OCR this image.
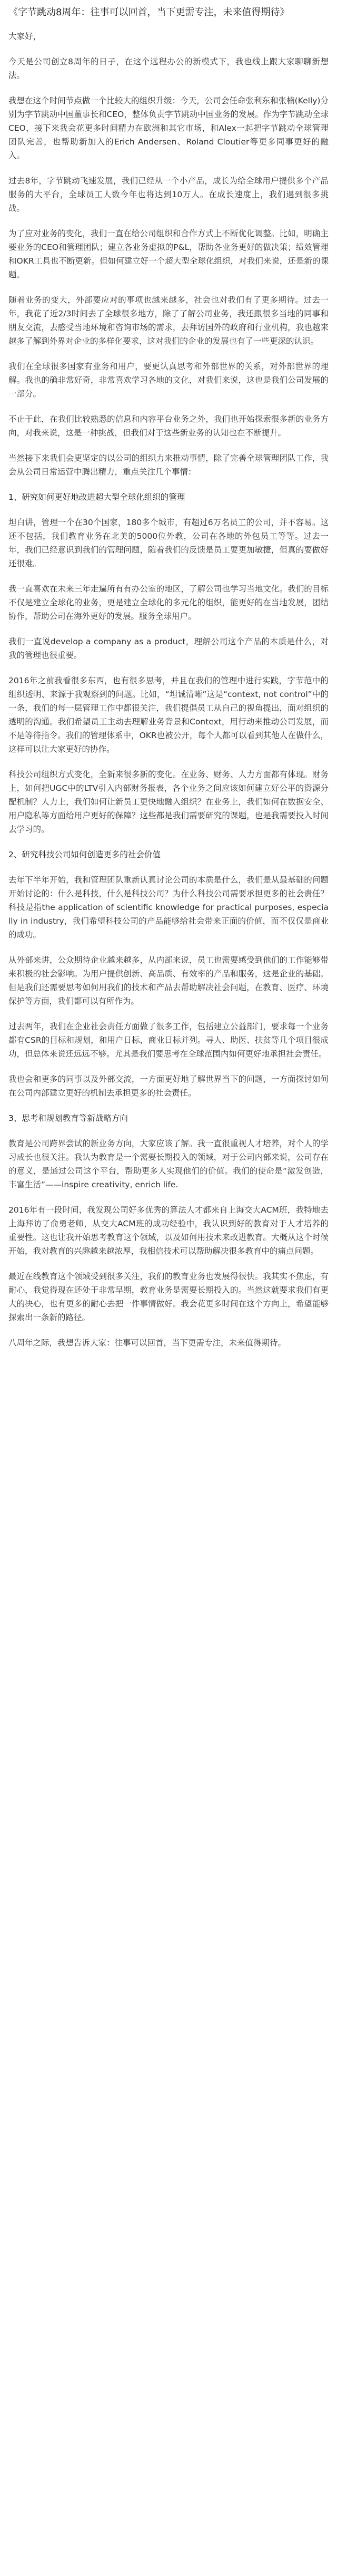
《字节跳动8周年：往事可以回首，当下更需专注，未来值得期待》

大家好，

今天是公司创立8周年的日子，在这个远程办公的新模式下，我也线上跟大家聊聊新想法。

我想在这个时间节点做一个比较大的组织升级：今天，公司会任命张利东和张楠(Kelly)分别为字节跳动中国董事长和CEO，整体负责字节跳动中国业务的发展。作为字节跳动全球CEO，接下来我会花更多时间精力在欧洲和其它市场，和Alex一起把字节跳动全球管理团队完善，也帮助新加入的Erich Andersen、Roland Cloutier等更多同事更好的融入。

过去8年，字节跳动飞速发展，我们已经从一个小产品，成长为给全球用户提供多个产品服务的大平台，全球员工人数今年也将达到10万人。在成长速度上，我们遇到很多挑战。

为了应对业务的变化，我们一直在给公司组织和合作方式上不断优化调整。比如，明确主要业务的CEO和管理团队；建立各业务虚拟的P&L，帮助各业务更好的做决策；绩效管理和OKR工具也不断更新。但如何建立好一个超大型全球化组织，对我们来说，还是新的课题。

随着业务的变大，外部要应对的事项也越来越多，社会也对我们有了更多期待。过去一年，我花了近2/3时间去了全球很多地方，除了了解公司业务，我还跟很多当地的同事和朋友交流，去感受当地环境和咨询市场的需求，去拜访国外的政府和行业机构，我也越来越多了解到外界对企业的多样化要求，这对我们的企业的发展也有了一些更深的认识。

我们在全球很多国家有业务和用户，要更认真思考和外部世界的关系，对外部世界的理解。我也的确非常好奇，非常喜欢学习各地的文化，对我们来说，这也是我们公司发展的一部分。

不止于此，在我们比较熟悉的信息和内容平台业务之外，我们也开始探索很多新的业务方向，对我来说，这是一种挑战，但我们对于这些新业务的认知也在不断提升。

当然接下来我们会更坚定的以公司的组织力来推动事情，除了完善全球管理团队工作，我会从公司日常运营中腾出精力，重点关注几个事情：

1、研究如何更好地改进超大型全球化组织的管理

坦白讲，管理一个在30个国家，180多个城市，有超过6万名员工的公司，并不容易。这还不包括，我们教育业务在北美的5000位外教，公司在各地的外包员工等等。过去一年，我们已经意识到我们的管理问题，随着我们的反馈是员工要更加敏捷，但真的要做好还很难。

我一直喜欢在未来三年走遍所有有办公室的地区，了解公司也学习当地文化。我们的目标不仅是建立全球化的业务，更是建立全球化的多元化的组织，能更好的在当地发展，团结协作，帮助公司在海外更好的发展。服务全球用户。

我们一直说develop a company as a product，理解公司这个产品的本质是什么，对我的管理也很重要。

2016年之前我看很多东西，也有很多思考，并且在我们的管理中进行实践，字节范中的组织透明、来源于我观察到的问题。比如，“坦诚清晰”这是“context, not control”中的一条，我们的每一层管理工作中都很关注，我们提倡员工从自己的视角提出，面对组织的透明的沟通。我们希望员工主动去理解业务背景和Context，用行动来推动公司发展，而不是等待指令。我们的管理体系中，OKR也被公开，每个人都可以看到其他人在做什么，这样可以让大家更好的协作。

科技公司组织方式变化，全新来很多新的变化。在业务、财务、人力方面都有体现。财务上，如何把UGC中的LTV引入内部财务报表，各个业务之间应该如何建立好公平的资源分配机制？人力上，我们如何让新员工更快地融入组织？在业务上，我们如何在数据安全、用户隐私等方面给用户更好的保障？这些都是我们需要研究的课题，也是我需要投入时间去学习的。

2、研究科技公司如何创造更多的社会价值

去年下半年开始，我和管理团队重新认真讨论公司的本质是什么，我们是从最基础的问题开始讨论的：什么是科技，什么是科技公司？为什么科技公司需要承担更多的社会责任？科技是指the application of scientific knowledge for practical purposes, especially in industry，我们希望科技公司的产品能够给社会带来正面的价值，而不仅仅是商业的成功。

从外部来讲，公众期待企业越来越多，从内部来说，员工也需要感受到他们的工作能够带来积极的社会影响。为用户提供创新、高品质、有效率的产品和服务，这是企业的基础。但是我们还需要思考如何用我们的技术和产品去帮助解决社会问题，在教育、医疗、环境保护等方面，我们都可以有所作为。

过去两年，我们在企业社会责任方面做了很多工作，包括建立公益部门，要求每一个业务都有CSR的目标和规划，和用户日标，商业日标并列。寻人、助医、扶贫等几个项目很成功，但总体来说还远远不够。尤其是我们要思考在全球范围内如何更好地承担社会责任。

我也会和更多的同事以及外部交流，一方面更好地了解世界当下的问题，一方面探讨如何在公司内部建立更好的机制去承担更多的社会责任。

3、思考和规划教育等新战略方向

教育是公司跨界尝试的新业务方向，大家应该了解。我一直很重视人才培养，对个人的学习成长也很关注。我认为教育是一个需要长期投入的领域，对于公司内部来说，公司存在的意义，是通过公司这个平台，帮助更多人实现他们的价值。我们的使命是“激发创造，丰富生活”——inspire creativity, enrich life.

2016年有一段时间，我发现公司好多优秀的算法人才都来自上海交大ACM班，我特地去上海拜访了俞勇老师，从交大ACM班的成功经验中，我认识到好的教育对于人才培养的重要性。这也让我开始思考教育这个领域，以及如何用技术来改进教育。大概从这个时候开始，我对教育的兴趣越来越浓厚，我相信技术可以帮助解决很多教育中的痛点问题。

最近在线教育这个领域受到很多关注，我们的教育业务也发展得很快。我其实不焦虑，有耐心，我觉得现在还处于非常早期，教育业务是需要长期投入的。当然这就要求我们有更大的决心，也有更多的耐心去把一件事情做好。我会花更多时间在这个方向上，希望能够探索出一条新的路径。

八周年之际，我想告诉大家：往事可以回首，当下更需专注，未来值得期待。
